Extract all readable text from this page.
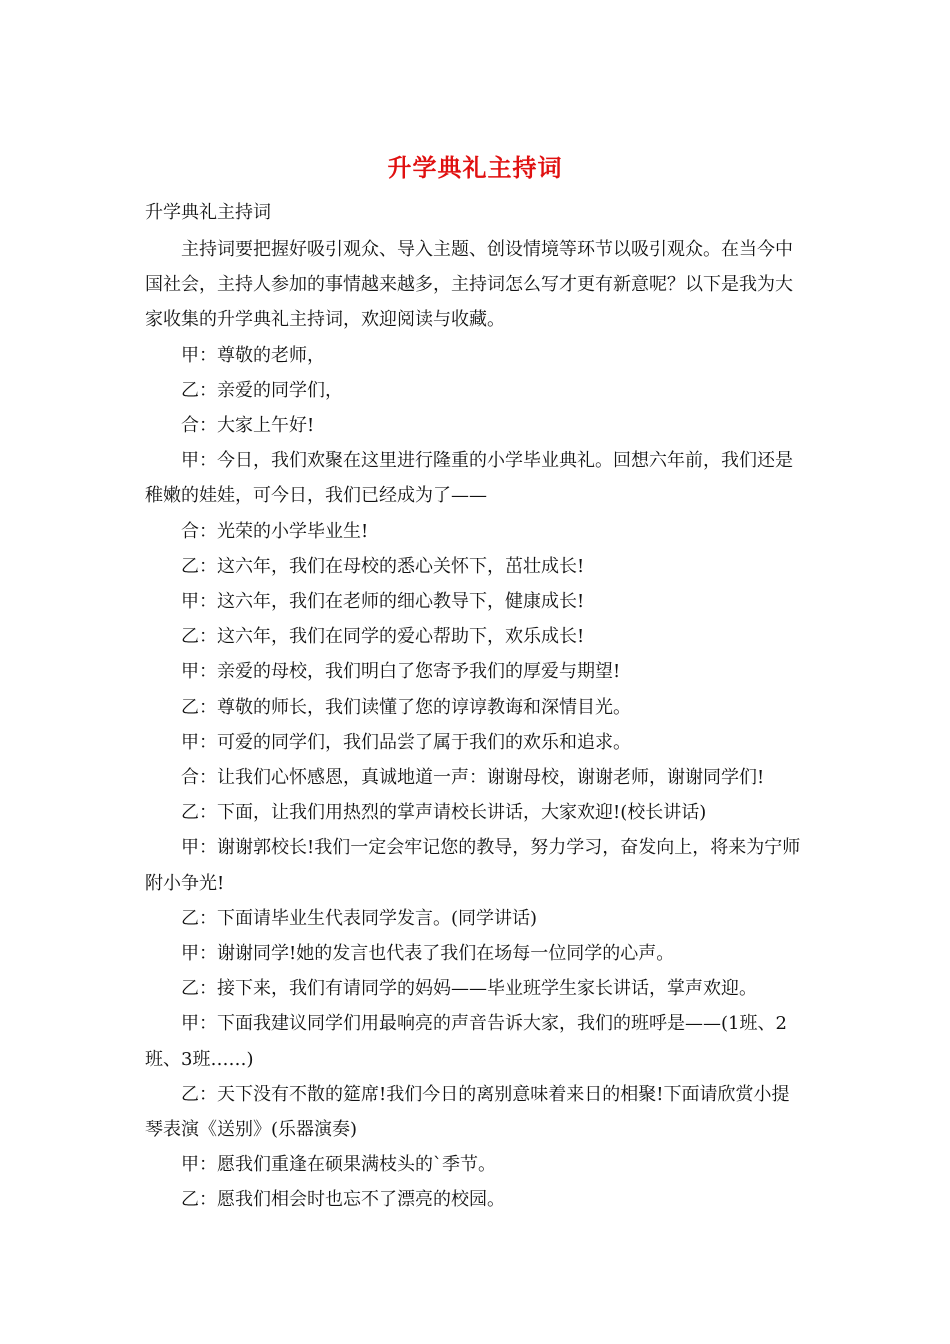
升学典礼主持词
升学典礼主持词

主持词要把握好吸引观众、导入主题、创设情境等环节以吸引观众。在当今中国社会，主持人参加的事情越来越多，主持词怎么写才更有新意呢？以下是我为大家收集的升学典礼主持词，欢迎阅读与收藏。

甲：尊敬的老师，

乙：亲爱的同学们，

合：大家上午好!

甲：今日，我们欢聚在这里进行隆重的小学毕业典礼。回想六年前，我们还是稚嫩的娃娃，可今日，我们已经成为了——

合：光荣的小学毕业生!

乙：这六年，我们在母校的悉心关怀下，茁壮成长!

甲：这六年，我们在老师的细心教导下，健康成长!

乙：这六年，我们在同学的爱心帮助下，欢乐成长!

甲：亲爱的母校，我们明白了您寄予我们的厚爱与期望!

乙：尊敬的师长，我们读懂了您的谆谆教诲和深情目光。

甲：可爱的同学们，我们品尝了属于我们的欢乐和追求。

合：让我们心怀感恩，真诚地道一声：谢谢母校，谢谢老师，谢谢同学们!

乙：下面，让我们用热烈的掌声请校长讲话，大家欢迎!(校长讲话)

甲：谢谢郭校长!我们一定会牢记您的教导，努力学习，奋发向上，将来为宁师附小争光!

乙：下面请毕业生代表同学发言。(同学讲话)

甲：谢谢同学!她的发言也代表了我们在场每一位同学的心声。

乙：接下来，我们有请同学的妈妈——毕业班学生家长讲话，掌声欢迎。

甲：下面我建议同学们用最响亮的声音告诉大家，我们的班呼是——(1班、2班、3班……)

乙：天下没有不散的筵席!我们今日的离别意味着来日的相聚!下面请欣赏小提琴表演《送别》(乐器演奏)

甲：愿我们重逢在硕果满枝头的`季节。

乙：愿我们相会时也忘不了漂亮的校园。
